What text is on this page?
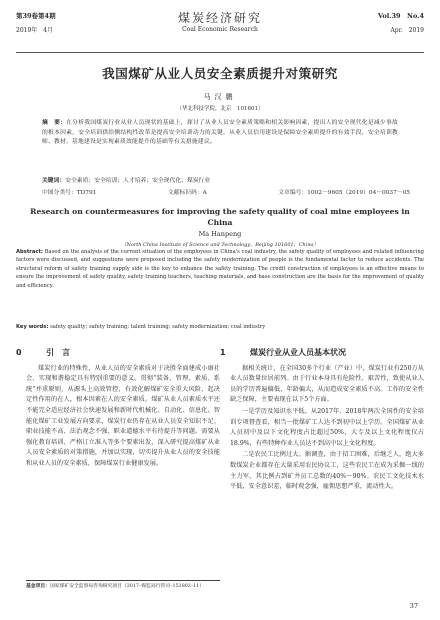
第39卷第4期
2019年　4月
煤炭经济研究
Coal Economic Research
Vol.39　No.4
Apr.　2019
我国煤矿从业人员安全素质提升对策研究
马汉鹏
（华北科技学院，北京　101601）
摘　要：在分析我国煤炭行业从业人员现状的基础上，探讨了从业人员安全素质策略和相关影响因素，提出人的安全现代化是减少事故的根本因素，安全培训供给侧结构性改革是提高安全培训动力的关键，从业人员信用建设是保障安全素质提升的有效手段，安全培训教师、教材、基地建设是实现素质效能提升的基础等有关措施建议。
关键词：安全素质；安全培训；人才培养；安全现代化；煤炭行业
中图分类号：TD791	文献标识码：A	文章编号：1002－9605（2019）04－0037－05
Research on countermeasures for improving the safety quality of coal mine employees in China
Ma Hanpeng
（North China Institute of Science and Technology，Beijing 101601，China）
Abstract: Based on the analysis of the current situation of the employees in China's coal industry, the safety quality of employees and related influencing factors were discussed, and suggestions were proposed including the safety modernization of people is the fundamental factor to reduce accidents. The structural reform of safety training supply side is the key to enhance the safety training. The credit construction of employees is an effective means to ensure the improvement of safety quality, safety training teachers, teaching materials, and base construction are the basis for the improvement of quality and efficiency.
Key words: safety quality; safety training; talent training; safety modernization; coal industry
0	引　言

煤炭行业的特殊性，从业人员的安全素质对于决胜全面建成小康社会、实现和谐稳定具有特别重要的意义。贯彻“装备、管理、素质、系统”并重原则，从源头上高效管控，有效化解煤矿安全重大风险，起决定性作用的在人，根本因素在人的安全素质。煤矿从业人员素质水平还不能完全适应经济社会快速发展和新时代机械化、自动化、信息化、智能化煤矿工业发展方向要求，煤炭行业仍存在从业人员安全知识不足、职业技能不高、法治观念不强、职业道德水平有待提升等问题。需要从强化教育培训、严格订立准入等多个要素出发，深入研究提高煤矿从业人员安全素质的对策措施，并加以实现，切实提升从业人员的安全技能和从业人员的安全素质，保障煤炭行业健康发展。

1	煤炭行业从业人员基本状况

据相关统计，在全国30多个行业（产业）中，煤炭行业有250万从业人员数量位居前列。由于行业本身具有危险性、艰苦性，致使从业人员的学历普遍偏低、年龄偏大，从而造成安全素质不高。工作的安全性缺乏保障，主要表现在以下5个方面。

一是学历及知识水平低。从2017年、2018年两次全国性的安全培训专项督查看，相当一批煤矿工人达不到初中以上学历。全国煤矿从业人员初中及以下文化程度占比超过50%，大专及以上文化程度仅占18.9%，有些特种作业人员达不到高中以上文化程度。

二是农民工比例过大。据调查，由于招工困难，后继乏人，绝大多数煤炭企业都存在大量采用农民协议工，这些农民工在成为采掘一线的主力军，其比例占到矿井员工总数的40%～90%。农民工文化技术水平低，安全意识差，临时观念强，雇佣思想严重，流动性大。

基金项目：国家煤矿安全监察局咨询研究项目（2017–煤监局行管司–151802–11）
37
